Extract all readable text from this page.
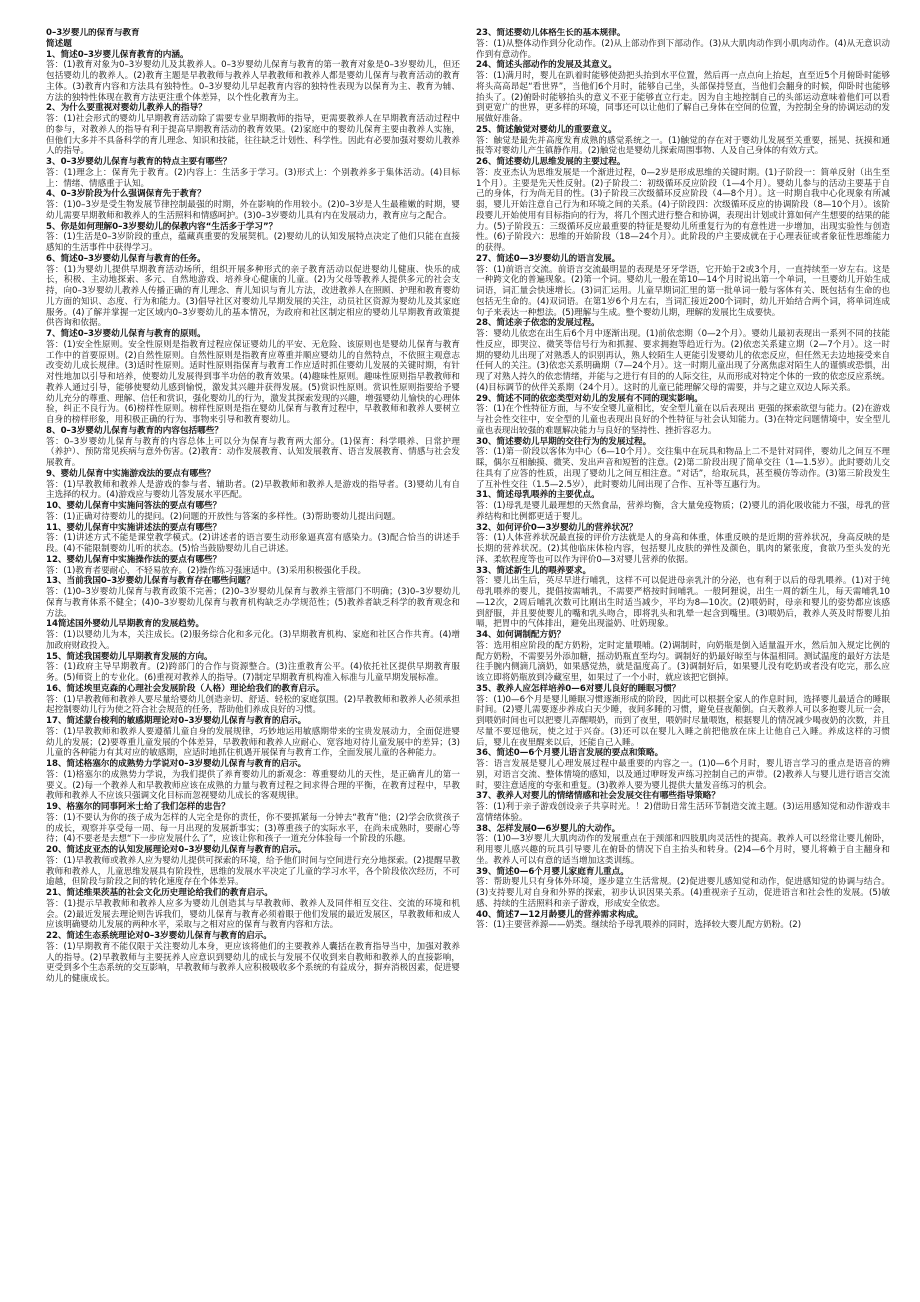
0–3岁婴儿的保育与教育
简述题
1、简述0–3岁婴儿保育教育的内涵。
答：(1)教育对象为0–3岁婴幼儿及其教养人。0–3岁婴幼儿保育与教育的第一教育对象是0–3岁婴幼儿，但还包括婴幼儿的教养人。(2)教育主题是早教教师与教养人早教教师和教养人都是婴幼儿保育与教育活动的教育主体。(3)教育内容和方法具有独特性。0–3岁婴幼儿早起教育内容的独特性表现为以保育为主、教育为辅、方法的独特性体现在教育方法更注重个体差异，以个性化教育为主。
2、为什么要重视对婴幼儿教养人的指导？
答：(1)社会形式的婴幼儿早期教育活动除了需要专业早期教师的指导，更需要教养人在早期教育活动过程中的参与，对教养人的指导有利于提高早期教育活动的教育效果。(2)家庭中的婴幼儿保育主要由教养人实施，但他们大多并不具备科学的育儿理念、知识和技能，往往缺乏计划性、科学性。因此有必要加强对婴幼儿教养人的指导。
3、0–3岁婴幼儿保育与教育的特点主要有哪些？
答：(1)理念上：保育先于教育。(2)内容上：生活多于学习。(3)形式上：个别教养多于集体活动。(4)目标上：情绪、情感重于认知。
4、0–3岁阶段为什么强调保育先于教育？
答：(1)0–3岁是受生物发展节律控制最强的时期，外在影响的作用较小。(2)0–3岁是人生最稚嫩的时期，婴幼儿需要早期教师和教养人的生活照料和情感呵护。(3)0–3岁婴幼儿具有内在发展动力，教育应与之配合。
5、你是如何理解0–3岁婴幼儿的保教内容“生活多于学习”？
答：(1)生活是0–3岁阶段的重点，蕴藏真重要的发展契机。(2)婴幼儿的认知发展特点决定了他们只能在直接感知的生活事件中获得学习。
6、简述0–3岁婴幼儿保育与教育的任务。
答：(1)为婴幼儿提供早期教育活动场所，组织开展多种形式的亲子教育活动以促进婴幼儿健康、快乐的成长，积极、主动地探索、多元、自然地游戏、培养身心健康的儿童。(2)为父母等教养人提供多元的社会支持，向0–3岁婴幼儿教养人传播正确的育儿理念、育儿知识与育儿方法，改进教养人在照顾、护理和教育婴幼儿方面的知识、态度、行为和能力。(3)倡导社区对婴幼儿早期发展的关注，动员社区资源为婴幼儿及其家庭服务。(4)了解并掌握一定区域内0–3岁婴幼儿的基本情况，为政府和社区制定相应的婴幼儿早期教育政策提供咨询和依据。
7、简述0–3岁婴幼儿保育与教育的原则。
答：(1)安全性原则。安全性原则是指教育过程应保证婴幼儿的平安、无危险、该原则也是婴幼儿保育与教育工作中的首要原则。(2)自然性原则。自然性原则是指教育应尊重并顺应婴幼儿的自然特点，不依照主观意志改变幼儿成长规律。(3)适时性原则。适时性原则指保育与教育工作应适时抓住婴幼儿发展的关键时期，有针对性地加以引导和培养，使婴幼儿发展得到事半功倍的教育效果。(4)趣味性原则。趣味性原则指早教教师和教养人通过引导，能够使婴幼儿感到愉悦，激发其兴趣并获得发展。(5)赏识性原则。赏识性原则指要给予婴幼儿充分的尊重、理解、信任和赏识，强化婴幼儿的行为，激发其探索发现的兴趣，增强婴幼儿愉快的心理体验，纠正不良行为。(6)榜样性原则。榜样性原则是指在婴幼儿保育与教育过程中，早教教师和教养人要树立自身的榜样形象，用积极正确的行为、事物来引导和教育婴幼儿。
8、0–3岁婴幼儿保育与教育的内容包括哪些？
答：0–3岁婴幼儿保育与教育的内容总体上可以分为保育与教育两大部分。(1)保育：科学喂养、日常护理（养护）、预防常见疾病与意外伤害。(2)教育：动作发展教育、认知发展教育、语言发展教育、情感与社会发展教育。
9、婴幼儿保育中实施游戏法的要点有哪些？
答：(1)早教教师和教养人是游戏的参与者、辅助者。(2)早教教师和教养人是游戏的指导者。(3)婴幼儿有自主选择的权力。(4)游戏应与婴幼儿答发展水平匹配。
10、婴幼儿保育中实施问答法的要点有哪些？
答：(1)正确对待婴幼儿的提问。(2)问题的开放性与答案的多样性。(3)帮助婴幼儿提出问题。
11、婴幼儿保育中实施讲述法的要点有哪些？
答：(1)讲述方式不能是课堂教学模式。(2)讲述者的语言要生动形象逼真富有感染力。(3)配合恰当的讲述手段。(4)不能限制婴幼儿听的状态。(5)恰当鼓励婴幼儿自己讲述。
12、婴幼儿保育中实施操作法的要点有哪些？
答：(1)教育者要耐心，不轻易放弃。(2)操作练习强速适中。(3)采用积极强化手段。
13、当前我国0–3岁婴幼儿保育与教育存在哪些问题？
答：(1)0–3岁婴幼儿保育与教育政策不完善；(2)0–3岁婴幼儿保育与教养主管部门不明确；(3)0–3岁婴幼儿保育与教育体系不健全；(4)0–3岁婴幼儿保育与教育机构缺乏办学规范性；(5)教养者缺乏科学的教育观念和方法。
14简述国外婴幼儿早期教育的发展趋势。
答：(1)以婴幼儿为本，关注成长。(2)服务综合化和多元化。(3)早期教育机构、家庭和社区合作共育。(4)增加政府财政投入。
15、简述我国婴幼儿早期教育发展的方向。
答：(1)政府主导早期教育。(2)跨部门的合作与资源整合。(3)注重教育公平。(4)依托社区提供早期教育服务。(5)师资上的专业化。(6)重视对教养人的指导。(7)制定早期教育机构准入标准与儿童早期发展标准。
16、简述埃里克森的心理社会发展阶段（人格）理论给我们的教育启示。
答：(1)早教教师和教养人要尽量给婴幼儿创造亲切、舒适、轻松的家庭氛围。(2)早教教师和教养人必须承担起控制婴幼儿行为使之符合社会规范的任务，帮助他们养成良好的习惯。
17、简述蒙台梭利的敏感期理论对0–3岁婴幼儿保育与教育的启示。
答：(1)早教教师和教养人要遵循儿童自身的发展规律，巧妙地运用敏感期带来的宝贵发展动力，全面促进婴幼儿的发展；(2)要尊重儿童发展的个体差异，早教教师和教养人应耐心、宽容地对待儿童发展中的差异；(3)儿童的各种能力有其对应的敏感期，应适时地抓住机遇开展保育与教育工作，全面发展儿童的各种能力。
18、简述格塞尔的成熟势力学说对0–3岁婴幼儿保育与教育的启示。
答：(1)格塞尔的成熟势力学说，为我们提供了养育婴幼儿的新观念：尊重婴幼儿的天性，是正确育儿的第一要义。(2)每一个教养人和早教教师应该在成熟的力量与教育过程之间求得合理的平衡，在教育过程中，早教教师和教养人不应该只强调文化目标而忽视婴幼儿成长的客观规律。
19、格塞尔的同事阿米士给了我们怎样的忠告？
答：(1)不要认为你的孩子成为怎样的人完全是你的责任，你不要抓紧每一分钟去“教育”他；(2)学会欣赏孩子的成长，观察并享受每一周、每一月出现的发展新事实；(3)尊重孩子的实际水平，在尚未成熟时，要耐心等待；(4)不要老是去想“下一步应发展什么了”，应该让你和孩子一道充分体验每一个阶段的乐趣。
20、简述皮亚杰的认知发展理论对0–3岁婴幼儿保育与教育的启示。
答：(1)早教教师或教养人应为婴幼儿提供可探索的环境，给予他们时间与空间进行充分地探索。(2)提醒早教教师和教养人，儿童思维发展具有阶段性，思维的发展水平决定了儿童的学习水平，各个阶段依次经历，不可逾越，但阶段与阶段之间的转化速度存在个体差异。
21、简述维果茨基的社会文化历史理论给我们的教育启示。
答：(1)提示早教教师和教养人应多为婴幼儿创造其与早教教师、教养人及同伴相互交往、交流的环境和机会。(2)最近发展去理论则告诉我们，婴幼儿保育与教育必须着眼于他们发展的最近发展区，早教教师和成人应该明确婴幼儿发展的两种水平，采取与之相对应的保育与教育内容和方法。
22、简述生态系统理论对0–3岁婴幼儿保育与教育的启示。
答：(1)早期教育不能仅限于关注婴幼儿本身，更应该将他们的主要教养人囊括在教育指导当中，加强对教养人的指导。(2)早教教师与主要抚养人应意识到婴幼儿的成长与发展不仅收到来自教师和教养人的直接影响，更受到多个生态系统的交互影响，早教教师与教养人应积极吸收多个系统的有益成分，摒弃消极因素，促进婴幼儿的健康成长。
23、简述婴幼儿体格生长的基本规律。
答：(1)从整体动作到分化动作。(2)从上部动作到下部动作。(3)从大肌肉动作到小肌肉动作。(4)从无意识动作到有意动作。
24、简述头部动作的发展及其意义。
答：(1)满月时，婴儿在趴着时能够使劲把头抬到水平位置，然后再一点点向上抬起，直至近5个月俯卧时能够将头高高昂起“看世界”，当他们6个月时，能够自己坐，头部保持竖直，当他们会翻身的时候，仰卧时也能够抬头了。(2)俯卧时能够抬头的意义不亚于能够直立行走。因为自主地控制自己的头部运动意味着他们可以看到更宽广的世界，更多样的环境，同事还可以让他们了解自己身体在空间的位置，为控制全身的协调运动的发展做好准备。
25、简述触觉对婴幼儿的重要意义。
答：触觉是最先并高度发育成熟的感觉系统之一。(1)触觉的存在对于婴幼儿发展至关重要，摇晃、抚摸和通报等对婴幼儿产生镇静作用。(2)触觉也是婴幼儿探索周围事物、人及自己身体的有效方式。
26、简述婴幼儿思维发展的主要过程。
答：皮亚杰认为思维发展是一个渐进过程，0—2岁是形成思维的关键时期。(1)子阶段一：简单反射（出生至1个月）。主要是先天性反射。(2)子阶段二：初级循环反应阶段（1—4个月）。婴幼儿参与的活动主要基于自己的身体，行为尚无目的性。(3)子阶段三次级循环反应阶段（4—8个月）。这一时期自我中心化现象有所减弱，婴儿开始注意自己行为和环境之间的关系。(4)子阶段四：次级循环反应的协调阶段（8—10个月）。该阶段婴儿开始使用有目标指向的行为，将几个图式进行整合和协调，表现出计划或计算如何产生想要的结果的能力。(5)子阶段五：三级循环反应最重要的特征是婴幼儿所重复行为的有意性进一步增加，出现实验性与创造性。(6)子阶段六：思维的开始阶段（18—24个月）。此阶段的户主要成就在于心理表征或者象征性思维能力的获得。
27、简述0—3岁婴幼儿的语言发展。
答：(1)前语言交流。前语言交流最明显的表现是牙牙学语，它开始于2或3个月，一直持续至一岁左右。这是一种跨文化的普遍现象。(2)第一个词。婴幼儿一般在第10—14个月时说出第一个单词，一旦婴幼儿开始生成词语，词汇量会快速增长。(3)词汇运用。儿童早期词汇里的第一批单词一般与客体有关、既包括有生命的也包括无生命的。(4)双词语。在第1岁6个月左右，当词汇接近200个词时，幼儿开始结合两个词，将单词连成句子来表达一种想法。(5)理解与生成。整个婴幼儿期，理解的发展比生成要快。
28、简述亲子依恋的发展过程。
答：婴幼儿依恋在出生后6个月中逐渐出现。(1)前依恋期（0—2个月）。婴幼儿最初表现出一系列不同的技能性反应，即哭泣、微笑等信号行为和抓握、要求拥抱等趋近行为。(2)依恋关系建立期（2—7个月）。这一时期的婴幼儿出现了对熟悉人的识别再认，熟人较陌生人更能引发婴幼儿的依恋反应，但任然无去边地接受来自任何人的关注。(3)依恋关系明确期（7—24个月）。这一时期儿童出现了分离焦虑对陌生人的谨慎或恐惧，出现了对熟人持久的依恋情绪，并能与之进行有目的的人际交往，从而形成对特定个体的一致的依恋反应系统。(4)目标调节的伙伴关系期（24个月）。这时的儿童已能理解父母的需要，并与之建立双边人际关系。
29、简述不同的依恋类型对幼儿的发展有不同的现实影响。
答：(1)在个性特征方面，与不安全婴儿童相比，安全型儿童在以后表现出 更强的探索欲望与能力。(2)在游戏与社会性交往中，安全型的儿童也表现出良好的个性特征与社会认知能力。(3)在特定问题情境中，安全型儿童也表现出较强的难题解决能力与良好的坚持性、挫折容忍力。
30、简述婴幼儿早期的交往行为的发展过程。
答：(1)第一阶段以客体为中心（6—10个月）。交往集中在玩具和物品上二不是针对同伴，婴幼儿之间互不理睬，偶尔互相触摸、微笑、发出声音和短暂的注意。(2)第二阶段出现了简单交往（1—1.5岁）。此时婴幼儿交往具有了应答的性质，出现了婴幼儿之间互相注意。“对话”，给取玩具，甚至模仿等动作。(3)第三阶段发生了互补性交往（1.5—2.5岁），此时婴幼儿间出现了合作、互补等互惠行为。
31、简述母乳喂养的主要优点。
答：(1)母乳是婴儿最理想的天然食品，营养均衡，含大量免疫物质；(2)婴儿的消化吸收能力不强，母乳的营养结构和比例都更适于婴儿。
32、如何评价0—3岁婴幼儿的营养状况？
答：(1)人体营养状况最直接的评价方法就是人的身高和体重，体重反映的是近期的营养状况，身高反映的是长期的营养状况。(2)其他临床体检内容，包括婴儿皮肤的弹性及颜色，肌肉的紧张度，食欲乃至头发的光泽、柔软程度等也可以作为评价0—3对婴儿营养的依据。
33、简述新生儿的喂养要求。
答：婴儿出生后，英尽早进行哺乳，这样不可以促进母亲乳汁的分泌，也有利于以后的母乳喂养。(1)对于纯母乳喂养的婴儿，提倡按需哺乳，不需要严格按时间哺乳。一般阿狸说，出生一周的新生儿，每天需哺乳10—12次，2周后哺乳次数可比刚出生时适当减少，平均为8—10次。(2)喂奶时，母亲和婴儿的姿势都应该感到舒服，并且要使婴儿的嘴和乳头吻合，即将乳头和乳晕一起含到嘴里。(3)喂奶后，教养人英及时帮婴儿拍嗝，把胃中的气体排出，避免出现溢奶、吐奶现象。
34、如何调制配方奶？
答：选用相应阶段的配方奶粉，定时定量喂哺。(2)调制时，向奶瓶是倒入适量温开水，然后加入规定比例的配方奶粉，不需要另外添加糖，摇动奶瓶直至均匀。调制好的奶最好晾至与体温相同。测试温度的最好方法是往手腕内侧滴几滴奶，如果感觉热，就是温度高了。(3)调制好后，如果婴儿没有吃奶或者没有吃完，那么应该立即将奶瓶放到冷藏室里，如果过了一个小时，就应该把它倒掉。
35、教养人应怎样培养0—6对婴儿良好的睡眠习惯？
答：(1)0—6个月是婴儿睡眠习惯逐渐形成的阶段，因此可以根据全家人的作息时间，选择婴儿最适合的睡眠时间。(2)婴儿需要逐步养成白天少睡，夜间多睡的习惯，避免昼夜颠倒。白天教养人可以多抱婴儿玩一会，到喂奶时间也可以把婴儿弄醒喂奶，而到了夜里，喂奶时尽量喂饱，根据婴儿的情况减少喝夜奶的次数，并且尽量不要逗他玩，使之过于兴奋。(3)还可以在婴儿入睡之前把他放在床上让他自己入睡。养成这样的习惯后，婴儿在夜里醒来以后，还能自己入睡。
36、简述0—6个月婴儿语言发展的要点和策略。
答：语言发展是婴儿心理发展过程中最重要的内容之一。(1)0—6个月时，婴儿语言学习的重点是语音的辨别，对语言交流、整体情境的感知，以及通过咿呀发声练习控制自己的声带。(2)教养人与婴儿进行语言交流时，要注意适度的夸张和重复。(3)教养人要为婴儿提供大量发音练习的机会。
37、教养人对婴儿的情绪情感和社会发展交往有哪些指导策略？
答：(1)利于亲子游戏创设亲子共享时光。！2)借助日常生活环节制造交流主题。(3)运用感知觉和动作游戏丰富情绪体验。
38、怎样发展0—6岁婴儿的大动作。
答：(1)0—3岁婴儿大肌肉动作的发展重点在于颈部和四肢肌肉灵活性的提高。教养人可以经常让婴儿俯卧，利用婴儿感兴趣的玩具引导婴儿在俯卧的情况下自主抬头和转身。(2)4—6个月时，婴儿将赖于自主翻身和坐。教养人可以有意的适当增加这类训练。
39、简述0—6个月婴儿家庭育儿重点。
答：帮助婴儿只有身体外环境，逐步建立生活常规。(2)促进婴儿感知觉和动作，促进感知觉的协调与结合。(3)支持婴儿对自身和外界的探索，初步认识因果关系。(4)重视亲子互动，促进语言和社会性的发展。(5)敏感、持续的生活照料和亲子游戏，形成安全依恋。
40、简述7—12月龄婴儿的营养需求构成。
答：(1)主要营养源——奶类。继续给予母乳喂养的同时，选择较大婴儿配方奶粉。(2)
